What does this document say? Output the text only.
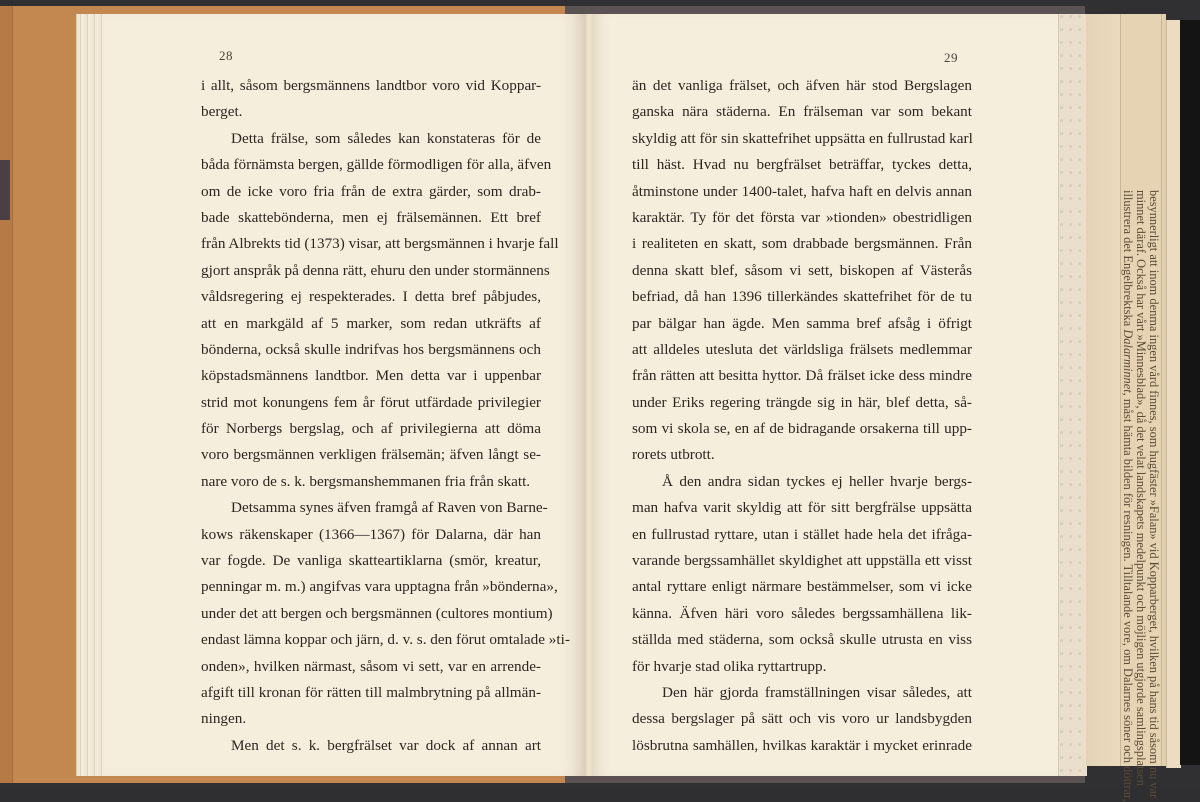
28	29
i allt, såsom bergsmännens landtbor voro vid Koppar-
berget.
Detta frälse, som således kan konstateras för de
båda förnämsta bergen, gällde förmodligen för alla, äfven
om de icke voro fria från de extra gärder, som drab-
bade skattebönderna, men ej frälsemännen. Ett bref
från Albrekts tid (1373) visar, att bergsmännen i hvarje fall
gjort anspråk på denna rätt, ehuru den under stormännens
våldsregering ej respekterades. I detta bref påbjudes,
att en markgäld af 5 marker, som redan utkräfts af
bönderna, också skulle indrifvas hos bergsmännens och
köpstadsmännens landtbor. Men detta var i uppenbar
strid mot konungens fem år förut utfärdade privilegier
för Norbergs bergslag, och af privilegierna att döma
voro bergsmännen verkligen frälsemän; äfven långt se-
nare voro de s. k. bergsmanshemmanen fria från skatt.
Detsamma synes äfven framgå af Raven von Barne-
kows räkenskaper (1366—1367) för Dalarna, där han
var fogde. De vanliga skatteartiklarna (smör, kreatur,
penningar m. m.) angifvas vara upptagna från »bönderna»,
under det att bergen och bergsmännen (cultores montium)
endast lämna koppar och järn, d. v. s. den förut omtalade »ti-
onden», hvilken närmast, såsom vi sett, var en arrende-
afgift till kronan för rätten till malmbrytning på allmän-
ningen.
Men det s. k. bergfrälset var dock af annan art
än det vanliga frälset, och äfven här stod Bergslagen
ganska nära städerna. En frälseman var som bekant
skyldig att för sin skattefrihet uppsätta en fullrustad karl
till häst. Hvad nu bergfrälset beträffar, tyckes detta,
åtminstone under 1400-talet, hafva haft en delvis annan
karaktär. Ty för det första var »tionden» obestridligen
i realiteten en skatt, som drabbade bergsmännen. Från
denna skatt blef, såsom vi sett, biskopen af Västerås
befriad, då han 1396 tillerkändes skattefrihet för de tu
par bälgar han ägde. Men samma bref afsåg i öfrigt
att alldeles utesluta det världsliga frälsets medlemmar
från rätten att besitta hyttor. Då frälset icke dess mindre
under Eriks regering trängde sig in här, blef detta, så-
som vi skola se, en af de bidragande orsakerna till upp-
rorets utbrott.
Å den andra sidan tyckes ej heller hvarje bergs-
man hafva varit skyldig att för sitt bergfrälse uppsätta
en fullrustad ryttare, utan i stället hade hela det ifråga-
varande bergssamhället skyldighet att uppställa ett visst
antal ryttare enligt närmare bestämmelser, som vi icke
känna. Äfven häri voro således bergssamhällena lik-
ställda med städerna, som också skulle utrusta en viss
för hvarje stad olika ryttartrupp.
Den här gjorda framställningen visar således, att
dessa bergslager på sätt och vis voro ur landsbygden
lösbrutna samhällen, hvilkas karaktär i mycket erinrade	besynnerligt att inom denma ingen vård finnes, som hugfäster »Falan» vid Kopparberget, hvilken på hans tid såsom nu var
minnet däraf. Också har vårt »Minnesblad», då det velat landskapets medelpunkt och möjligen utgjorde samlingsplatsen
illustrera det Engelbrektska Dalarminnet, måst hämta bilden för resningen. Tilltalande vore, om Dalarnes söner och döttrar,
